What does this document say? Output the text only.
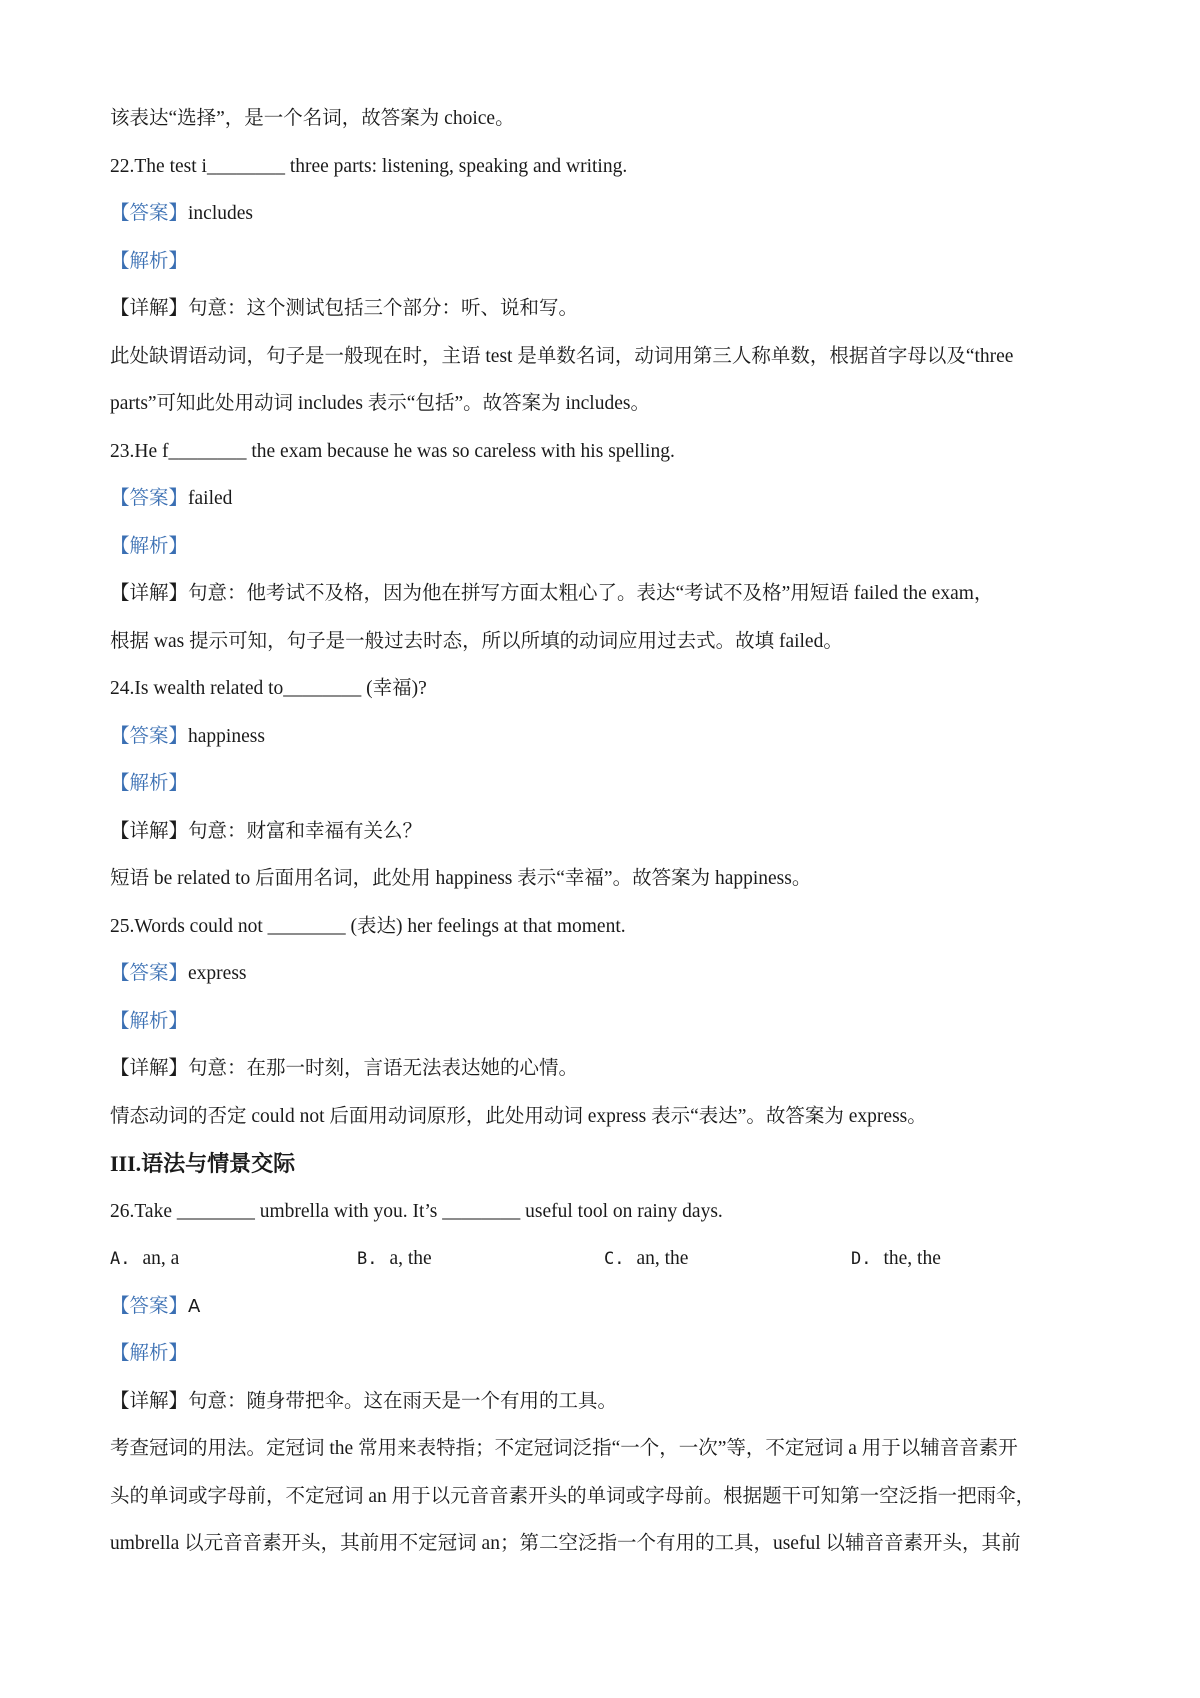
该表达“选择”，是一个名词，故答案为 choice。
22.The test i________ three parts: listening, speaking and writing.
【答案】includes
【解析】
【详解】句意：这个测试包括三个部分：听、说和写。
此处缺谓语动词，句子是一般现在时，主语 test 是单数名词，动词用第三人称单数，根据首字母以及“three
parts”可知此处用动词 includes 表示“包括”。故答案为 includes。
23.He f________ the exam because he was so careless with his spelling.
【答案】failed
【解析】
【详解】句意：他考试不及格，因为他在拼写方面太粗心了。表达“考试不及格”用短语 failed the exam，
根据 was 提示可知，句子是一般过去时态，所以所填的动词应用过去式。故填 failed。
24.Is wealth related to________ (幸福)?
【答案】happiness
【解析】
【详解】句意：财富和幸福有关么？
短语 be related to 后面用名词，此处用 happiness 表示“幸福”。故答案为 happiness。
25.Words could not ________ (表达) her feelings at that moment.
【答案】express
【解析】
【详解】句意：在那一时刻，言语无法表达她的心情。
情态动词的否定 could not 后面用动词原形，此处用动词 express 表示“表达”。故答案为 express。
III.语法与情景交际
26.Take ________ umbrella with you. It’s ________ useful tool on rainy days.
A. an, a	B. a, the	C. an, the	D. the, the
【答案】A
【解析】
【详解】句意：随身带把伞。这在雨天是一个有用的工具。
考查冠词的用法。定冠词 the 常用来表特指；不定冠词泛指“一个，一次”等，不定冠词 a 用于以辅音音素开
头的单词或字母前，不定冠词 an 用于以元音音素开头的单词或字母前。根据题干可知第一空泛指一把雨伞，
umbrella 以元音音素开头，其前用不定冠词 an；第二空泛指一个有用的工具，useful 以辅音音素开头，其前
